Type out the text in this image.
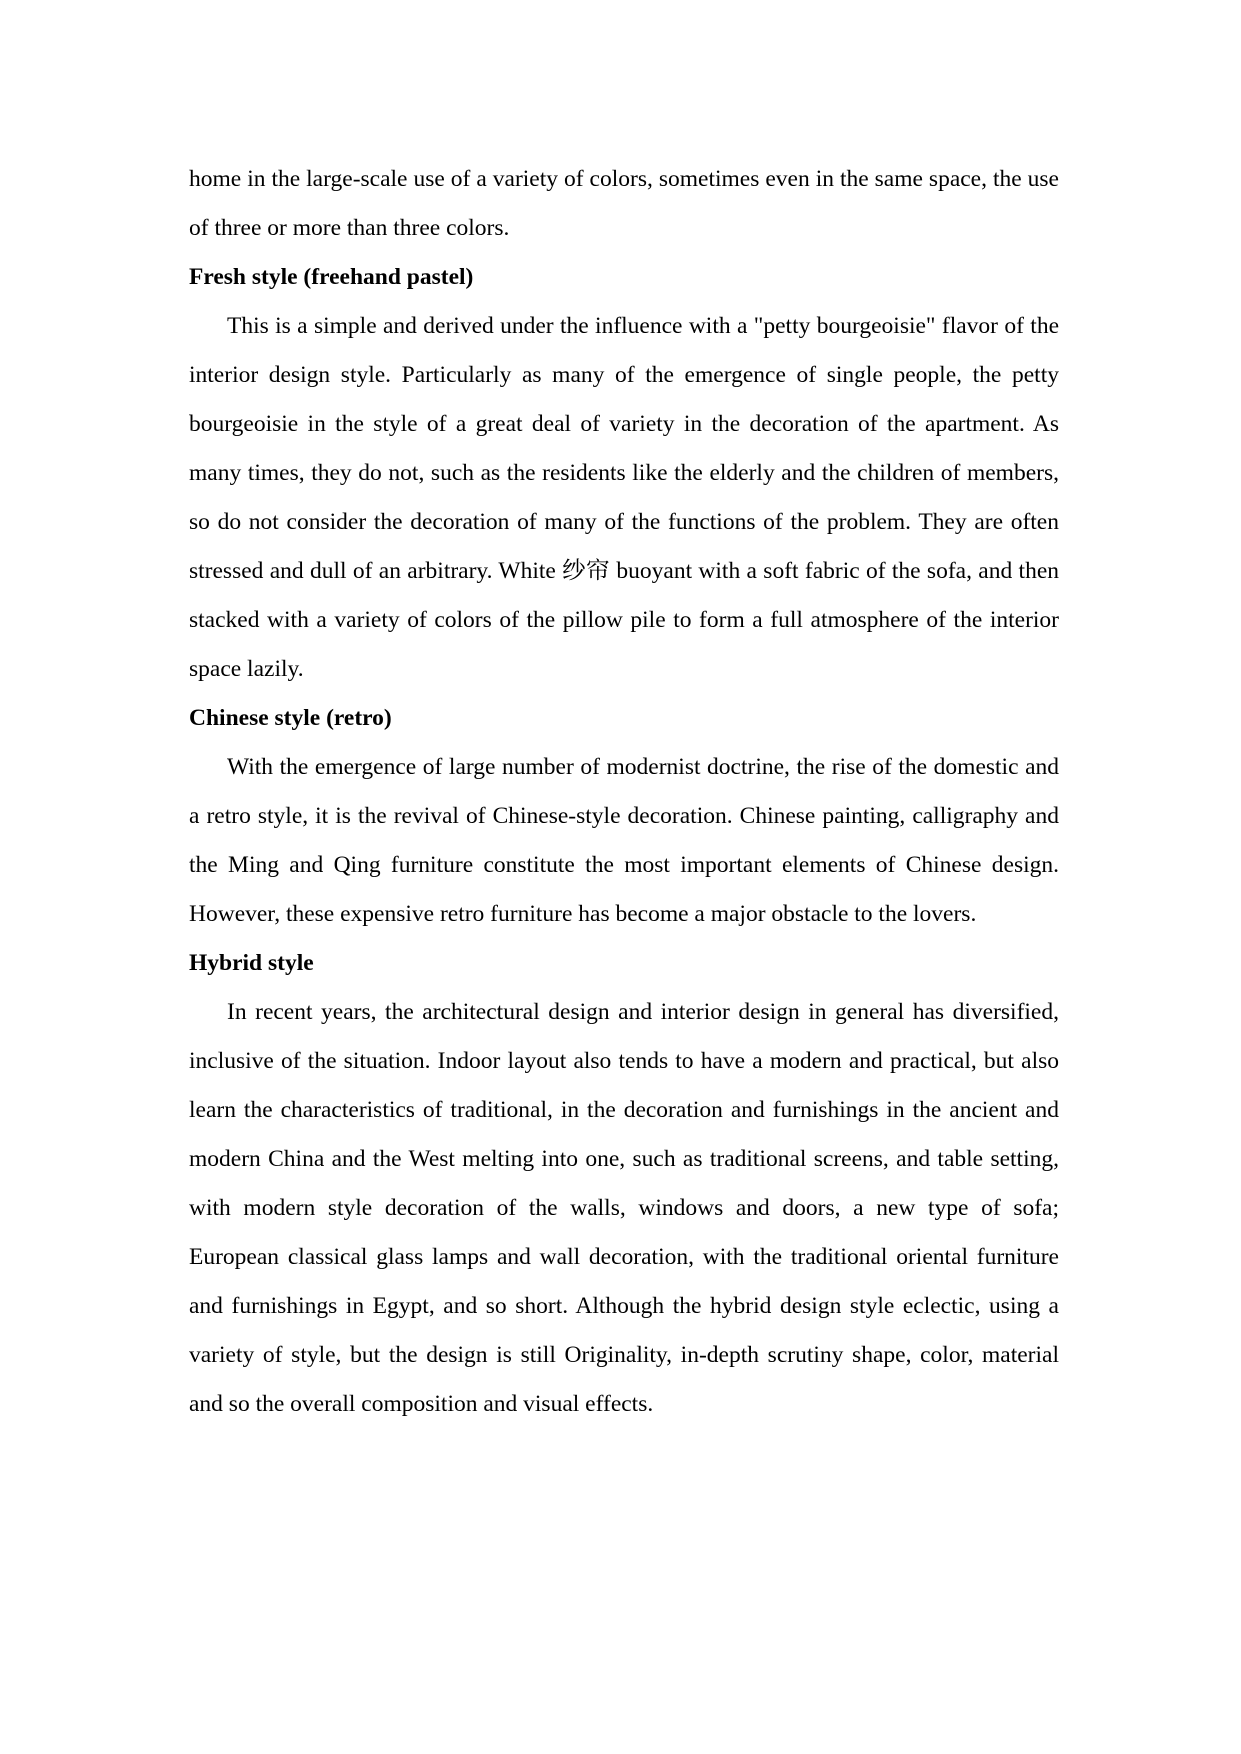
home in the large-scale use of a variety of colors, sometimes even in the same space, the use of three or more than three colors.

Fresh style (freehand pastel)

This is a simple and derived under the influence with a "petty bourgeoisie" flavor of the interior design style. Particularly as many of the emergence of single people, the petty bourgeoisie in the style of a great deal of variety in the decoration of the apartment. As many times, they do not, such as the residents like the elderly and the children of members, so do not consider the decoration of many of the functions of the problem. They are often stressed and dull of an arbitrary. White 纱帘 buoyant with a soft fabric of the sofa, and then stacked with a variety of colors of the pillow pile to form a full atmosphere of the interior space lazily.

Chinese style (retro)

With the emergence of large number of modernist doctrine, the rise of the domestic and a retro style, it is the revival of Chinese-style decoration. Chinese painting, calligraphy and the Ming and Qing furniture constitute the most important elements of Chinese design. However, these expensive retro furniture has become a major obstacle to the lovers.

Hybrid style

In recent years, the architectural design and interior design in general has diversified, inclusive of the situation. Indoor layout also tends to have a modern and practical, but also learn the characteristics of traditional, in the decoration and furnishings in the ancient and modern China and the West melting into one, such as traditional screens, and table setting, with modern style decoration of the walls, windows and doors, a new type of sofa; European classical glass lamps and wall decoration, with the traditional oriental furniture and furnishings in Egypt, and so short. Although the hybrid design style eclectic, using a variety of style, but the design is still Originality, in-depth scrutiny shape, color, material and so the overall composition and visual effects.
